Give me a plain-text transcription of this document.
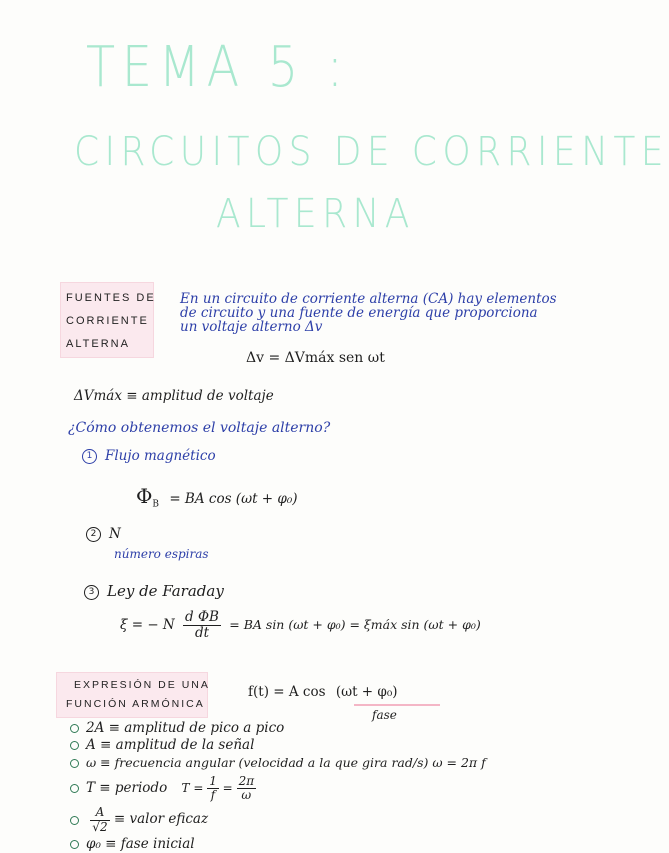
TEMA 5 :
CIRCUITOS DE CORRIENTE
ALTERNA
FUENTES DE
CORRIENTE
ALTERNA
En un circuito de corriente alterna (CA) hay elementos
de circuito y una fuente de energía que proporciona
un voltaje alterno Δv
Δv = ΔVmáx sen ωt
ΔVmáx ≡ amplitud de voltaje
¿Cómo obtenemos el voltaje alterno?
1 Flujo magnético
$\Phi_B$ = BA cos (ωt + φ₀)
2 N
número espiras
3 Ley de Faraday
ξ = − N $\frac{\text{d ΦB}}{dt}$ = BA sin (ωt + φ₀) = ξmáx sin (ωt + φ₀)
EXPRESIÓN DE UNA
FUNCIÓN ARMÓNICA
f(t) = A cos (ωt + φ₀)
fase
2A ≡ amplitud de pico a pico
A ≡ amplitud de la señal
ω ≡ frecuencia angular (velocidad a la que gira rad/s) ω = 2π f
T ≡ periodo $T = \frac{1}{f} = \frac{2\pi}{\omega}$

$\frac{A}{√2}$ ≡ valor eficaz
φ₀ ≡ fase inicial
